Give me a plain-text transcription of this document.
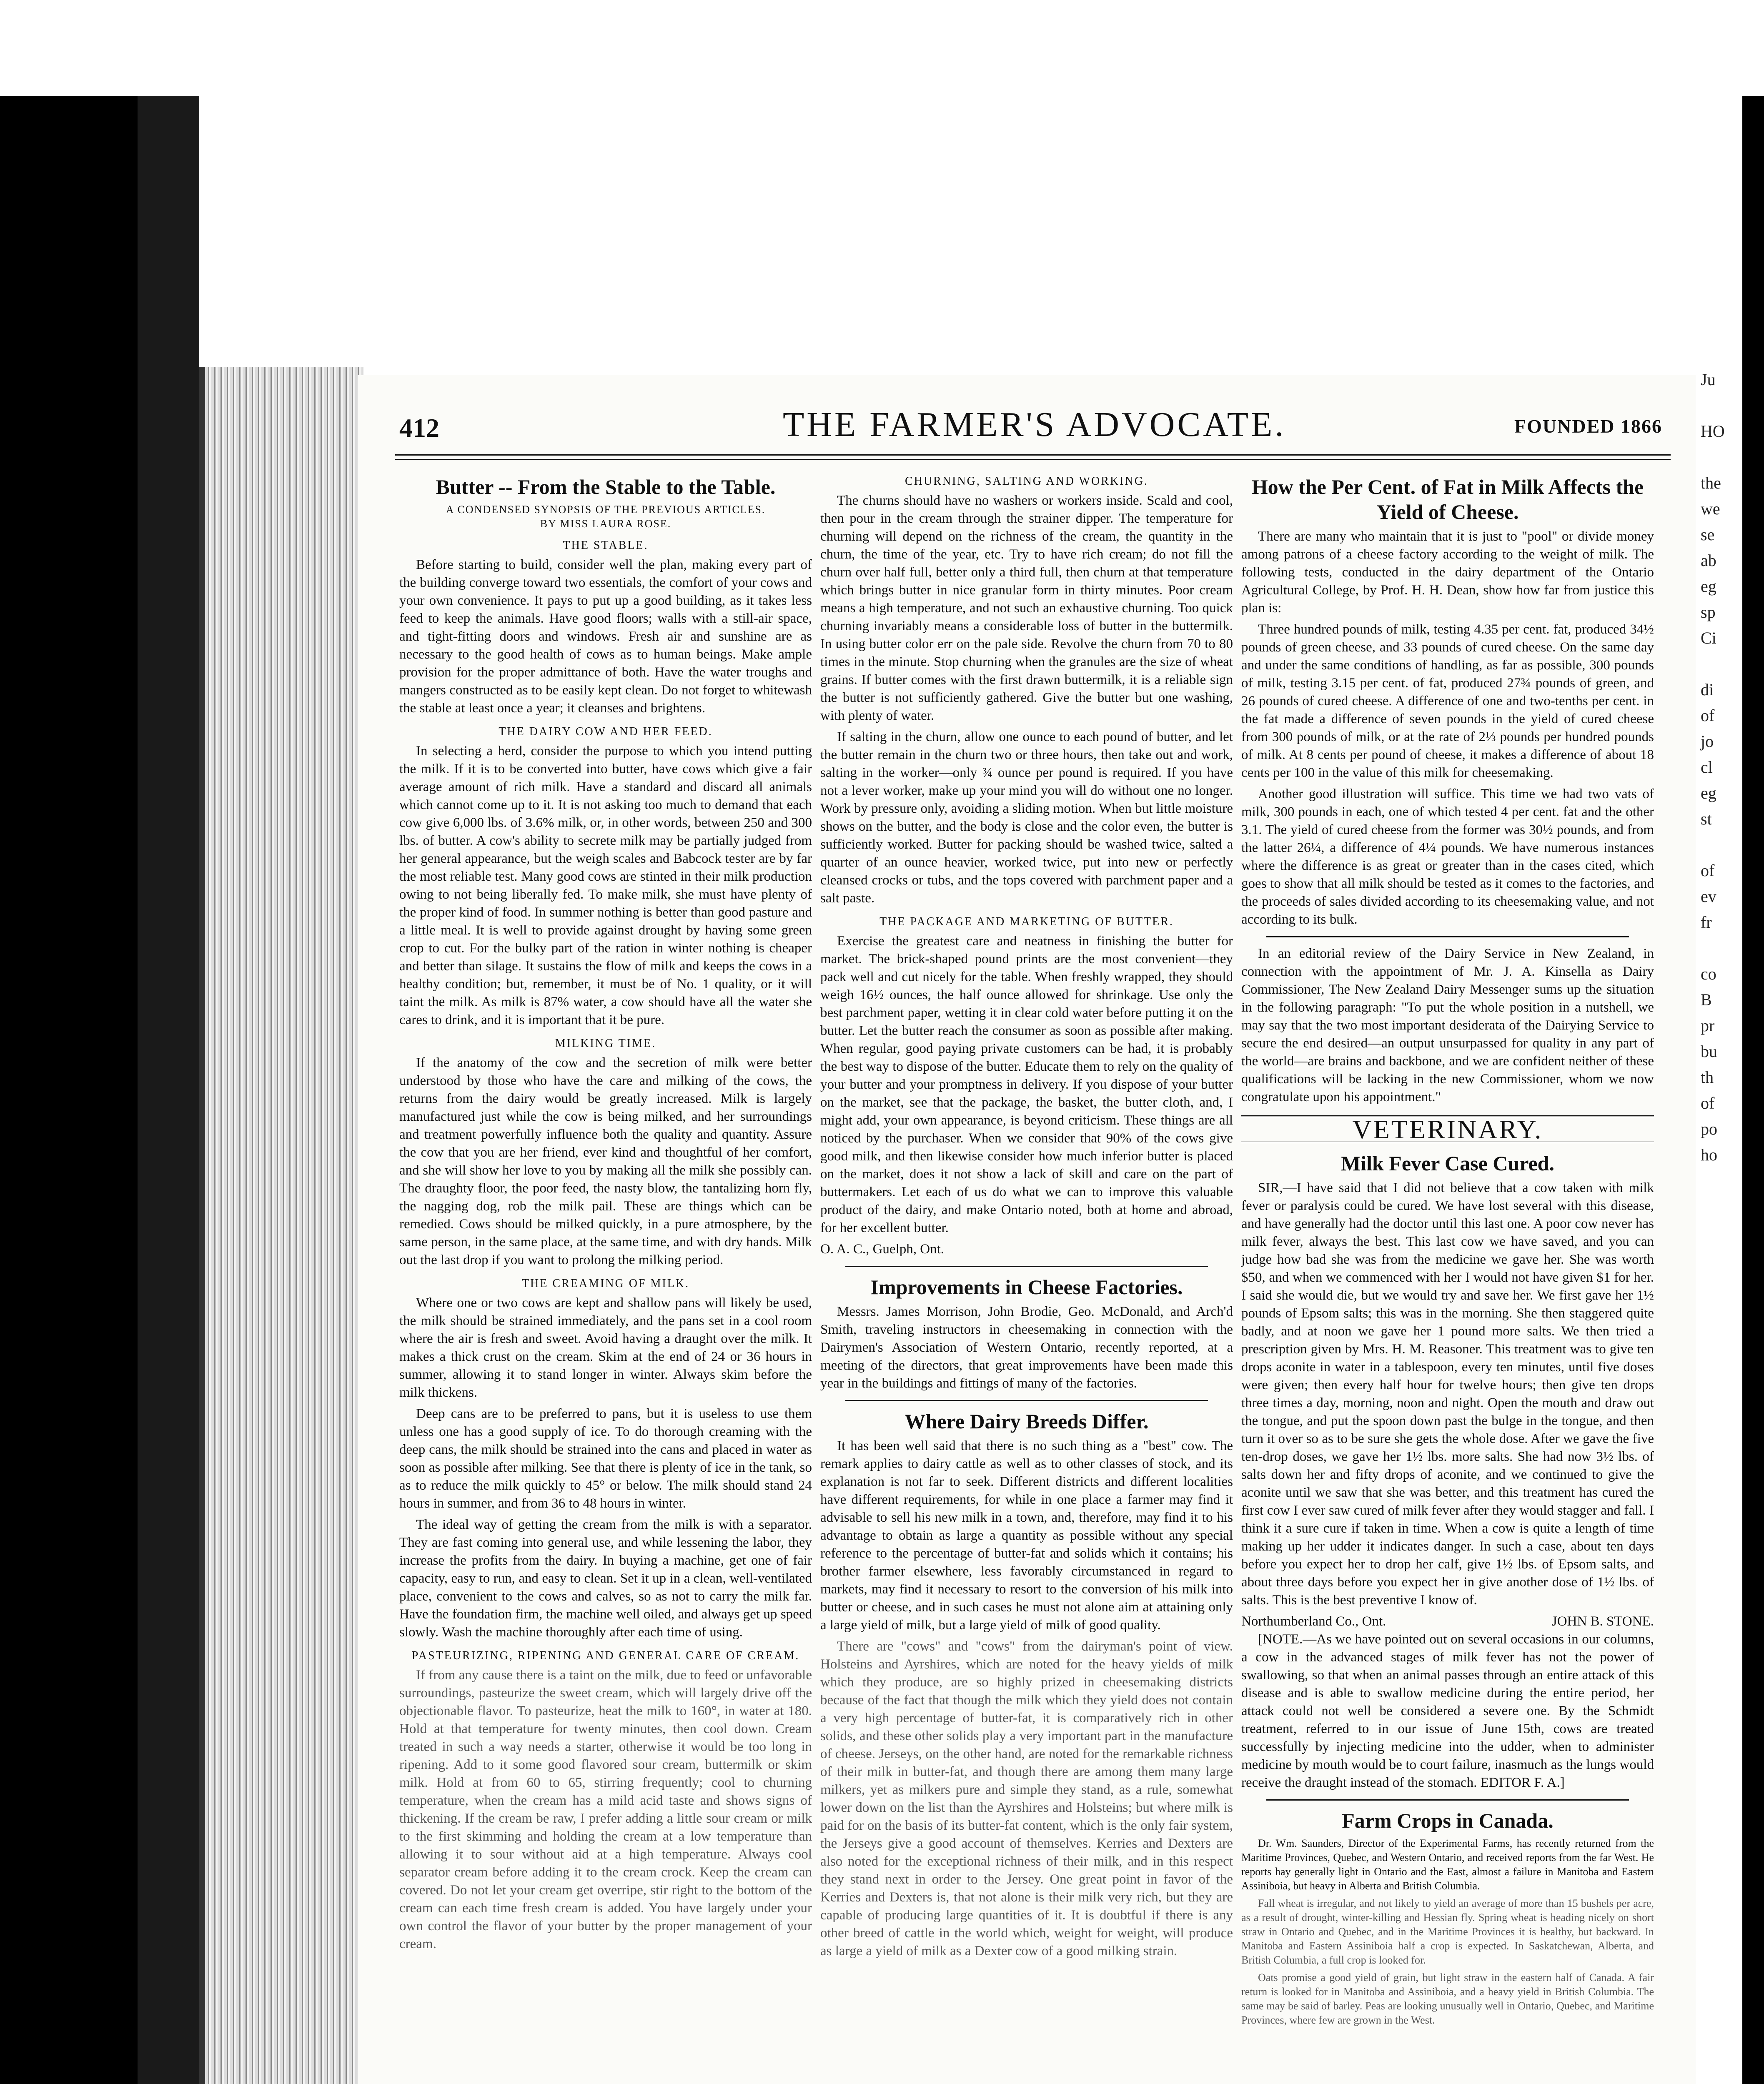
Ju

HO

the
we
se
ab
eg
sp
Ci

di
of
jo
cl
eg
st

of
ev
fr

co
B
pr
bu
th
of
po
ho
412	THE FARMER'S ADVOCATE.	FOUNDED 1866
Butter -- From the Stable to the Table.
A CONDENSED SYNOPSIS OF THE PREVIOUS ARTICLES.
BY MISS LAURA ROSE.
THE STABLE.

Before starting to build, consider well the plan, making every part of the building converge toward two essentials, the comfort of your cows and your own convenience. It pays to put up a good building, as it takes less feed to keep the animals. Have good floors; walls with a still-air space, and tight-fitting doors and windows. Fresh air and sunshine are as necessary to the good health of cows as to human beings. Make ample provision for the proper admittance of both. Have the water troughs and mangers constructed as to be easily kept clean. Do not forget to whitewash the stable at least once a year; it cleanses and brightens.

THE DAIRY COW AND HER FEED.

In selecting a herd, consider the purpose to which you intend putting the milk. If it is to be converted into butter, have cows which give a fair average amount of rich milk. Have a standard and discard all animals which cannot come up to it. It is not asking too much to demand that each cow give 6,000 lbs. of 3.6% milk, or, in other words, between 250 and 300 lbs. of butter. A cow's ability to secrete milk may be partially judged from her general appearance, but the weigh scales and Babcock tester are by far the most reliable test. Many good cows are stinted in their milk production owing to not being liberally fed. To make milk, she must have plenty of the proper kind of food. In summer nothing is better than good pasture and a little meal. It is well to provide against drought by having some green crop to cut. For the bulky part of the ration in winter nothing is cheaper and better than silage. It sustains the flow of milk and keeps the cows in a healthy condition; but, remember, it must be of No. 1 quality, or it will taint the milk. As milk is 87% water, a cow should have all the water she cares to drink, and it is important that it be pure.

MILKING TIME.

If the anatomy of the cow and the secretion of milk were better understood by those who have the care and milking of the cows, the returns from the dairy would be greatly increased. Milk is largely manufactured just while the cow is being milked, and her surroundings and treatment powerfully influence both the quality and quantity. Assure the cow that you are her friend, ever kind and thoughtful of her comfort, and she will show her love to you by making all the milk she possibly can. The draughty floor, the poor feed, the nasty blow, the tantalizing horn fly, the nagging dog, rob the milk pail. These are things which can be remedied. Cows should be milked quickly, in a pure atmosphere, by the same person, in the same place, at the same time, and with dry hands. Milk out the last drop if you want to prolong the milking period.

THE CREAMING OF MILK.

Where one or two cows are kept and shallow pans will likely be used, the milk should be strained immediately, and the pans set in a cool room where the air is fresh and sweet. Avoid having a draught over the milk. It makes a thick crust on the cream. Skim at the end of 24 or 36 hours in summer, allowing it to stand longer in winter. Always skim before the milk thickens.

Deep cans are to be preferred to pans, but it is useless to use them unless one has a good supply of ice. To do thorough creaming with the deep cans, the milk should be strained into the cans and placed in water as soon as possible after milking. See that there is plenty of ice in the tank, so as to reduce the milk quickly to 45° or below. The milk should stand 24 hours in summer, and from 36 to 48 hours in winter.

The ideal way of getting the cream from the milk is with a separator. They are fast coming into general use, and while lessening the labor, they increase the profits from the dairy. In buying a machine, get one of fair capacity, easy to run, and easy to clean. Set it up in a clean, well-ventilated place, convenient to the cows and calves, so as not to carry the milk far. Have the foundation firm, the machine well oiled, and always get up speed slowly. Wash the machine thoroughly after each time of using.

PASTEURIZING, RIPENING AND GENERAL CARE OF CREAM.

If from any cause there is a taint on the milk, due to feed or unfavorable surroundings, pasteurize the sweet cream, which will largely drive off the objectionable flavor. To pasteurize, heat the milk to 160°, in water at 180. Hold at that temperature for twenty minutes, then cool down. Cream treated in such a way needs a starter, otherwise it would be too long in ripening. Add to it some good flavored sour cream, buttermilk or skim milk. Hold at from 60 to 65, stirring frequently; cool to churning temperature, when the cream has a mild acid taste and shows signs of thickening. If the cream be raw, I prefer adding a little sour cream or milk to the first skimming and holding the cream at a low temperature than allowing it to sour without aid at a high temperature. Always cool separator cream before adding it to the cream crock. Keep the cream can covered. Do not let your cream get overripe, stir right to the bottom of the cream can each time fresh cream is added. You have largely under your own control the flavor of your butter by the proper management of your cream.

CHURNING, SALTING AND WORKING.

The churns should have no washers or workers inside. Scald and cool, then pour in the cream through the strainer dipper. The temperature for churning will depend on the richness of the cream, the quantity in the churn, the time of the year, etc. Try to have rich cream; do not fill the churn over half full, better only a third full, then churn at that temperature which brings butter in nice granular form in thirty minutes. Poor cream means a high temperature, and not such an exhaustive churning. Too quick churning invariably means a considerable loss of butter in the buttermilk. In using butter color err on the pale side. Revolve the churn from 70 to 80 times in the minute. Stop churning when the granules are the size of wheat grains. If butter comes with the first drawn buttermilk, it is a reliable sign the butter is not sufficiently gathered. Give the butter but one washing, with plenty of water.

If salting in the churn, allow one ounce to each pound of butter, and let the butter remain in the churn two or three hours, then take out and work, salting in the worker—only ¾ ounce per pound is required. If you have not a lever worker, make up your mind you will do without one no longer. Work by pressure only, avoiding a sliding motion. When but little moisture shows on the butter, and the body is close and the color even, the butter is sufficiently worked. Butter for packing should be washed twice, salted a quarter of an ounce heavier, worked twice, put into new or perfectly cleansed crocks or tubs, and the tops covered with parchment paper and a salt paste.

THE PACKAGE AND MARKETING OF BUTTER.

Exercise the greatest care and neatness in finishing the butter for market. The brick-shaped pound prints are the most convenient—they pack well and cut nicely for the table. When freshly wrapped, they should weigh 16½ ounces, the half ounce allowed for shrinkage. Use only the best parchment paper, wetting it in clear cold water before putting it on the butter. Let the butter reach the consumer as soon as possible after making. When regular, good paying private customers can be had, it is probably the best way to dispose of the butter. Educate them to rely on the quality of your butter and your promptness in delivery. If you dispose of your butter on the market, see that the package, the basket, the butter cloth, and, I might add, your own appearance, is beyond criticism. These things are all noticed by the purchaser. When we consider that 90% of the cows give good milk, and then likewise consider how much inferior butter is placed on the market, does it not show a lack of skill and care on the part of buttermakers. Let each of us do what we can to improve this valuable product of the dairy, and make Ontario noted, both at home and abroad, for her excellent butter.

O. A. C., Guelph, Ont.

Improvements in Cheese Factories.

Messrs. James Morrison, John Brodie, Geo. McDonald, and Arch'd Smith, traveling instructors in cheesemaking in connection with the Dairymen's Association of Western Ontario, recently reported, at a meeting of the directors, that great improvements have been made this year in the buildings and fittings of many of the factories.

Where Dairy Breeds Differ.

It has been well said that there is no such thing as a "best" cow. The remark applies to dairy cattle as well as to other classes of stock, and its explanation is not far to seek. Different districts and different localities have different requirements, for while in one place a farmer may find it advisable to sell his new milk in a town, and, therefore, may find it to his advantage to obtain as large a quantity as possible without any special reference to the percentage of butter-fat and solids which it contains; his brother farmer elsewhere, less favorably circumstanced in regard to markets, may find it necessary to resort to the conversion of his milk into butter or cheese, and in such cases he must not alone aim at attaining only a large yield of milk, but a large yield of milk of good quality.

There are "cows" and "cows" from the dairyman's point of view. Holsteins and Ayrshires, which are noted for the heavy yields of milk which they produce, are so highly prized in cheesemaking districts because of the fact that though the milk which they yield does not contain a very high percentage of butter-fat, it is comparatively rich in other solids, and these other solids play a very important part in the manufacture of cheese. Jerseys, on the other hand, are noted for the remarkable richness of their milk in butter-fat, and though there are among them many large milkers, yet as milkers pure and simple they stand, as a rule, somewhat lower down on the list than the Ayrshires and Holsteins; but where milk is paid for on the basis of its butter-fat content, which is the only fair system, the Jerseys give a good account of themselves. Kerries and Dexters are also noted for the exceptional richness of their milk, and in this respect they stand next in order to the Jersey. One great point in favor of the Kerries and Dexters is, that not alone is their milk very rich, but they are capable of producing large quantities of it. It is doubtful if there is any other breed of cattle in the world which, weight for weight, will produce as large a yield of milk as a Dexter cow of a good milking strain.

How the Per Cent. of Fat in Milk Affects the Yield of Cheese.

There are many who maintain that it is just to "pool" or divide money among patrons of a cheese factory according to the weight of milk. The following tests, conducted in the dairy department of the Ontario Agricultural College, by Prof. H. H. Dean, show how far from justice this plan is:

Three hundred pounds of milk, testing 4.35 per cent. fat, produced 34½ pounds of green cheese, and 33 pounds of cured cheese. On the same day and under the same conditions of handling, as far as possible, 300 pounds of milk, testing 3.15 per cent. of fat, produced 27¾ pounds of green, and 26 pounds of cured cheese. A difference of one and two-tenths per cent. in the fat made a difference of seven pounds in the yield of cured cheese from 300 pounds of milk, or at the rate of 2⅓ pounds per hundred pounds of milk. At 8 cents per pound of cheese, it makes a difference of about 18 cents per 100 in the value of this milk for cheesemaking.

Another good illustration will suffice. This time we had two vats of milk, 300 pounds in each, one of which tested 4 per cent. fat and the other 3.1. The yield of cured cheese from the former was 30½ pounds, and from the latter 26¼, a difference of 4¼ pounds. We have numerous instances where the difference is as great or greater than in the cases cited, which goes to show that all milk should be tested as it comes to the factories, and the proceeds of sales divided according to its cheesemaking value, and not according to its bulk.

In an editorial review of the Dairy Service in New Zealand, in connection with the appointment of Mr. J. A. Kinsella as Dairy Commissioner, The New Zealand Dairy Messenger sums up the situation in the following paragraph: "To put the whole position in a nutshell, we may say that the two most important desiderata of the Dairying Service to secure the end desired—an output unsurpassed for quality in any part of the world—are brains and backbone, and we are confident neither of these qualifications will be lacking in the new Commissioner, whom we now congratulate upon his appointment."

VETERINARY.
Milk Fever Case Cured.

SIR,—I have said that I did not believe that a cow taken with milk fever or paralysis could be cured. We have lost several with this disease, and have generally had the doctor until this last one. A poor cow never has milk fever, always the best. This last cow we have saved, and you can judge how bad she was from the medicine we gave her. She was worth $50, and when we commenced with her I would not have given $1 for her. I said she would die, but we would try and save her. We first gave her 1½ pounds of Epsom salts; this was in the morning. She then staggered quite badly, and at noon we gave her 1 pound more salts. We then tried a prescription given by Mrs. H. M. Reasoner. This treatment was to give ten drops aconite in water in a tablespoon, every ten minutes, until five doses were given; then every half hour for twelve hours; then give ten drops three times a day, morning, noon and night. Open the mouth and draw out the tongue, and put the spoon down past the bulge in the tongue, and then turn it over so as to be sure she gets the whole dose. After we gave the five ten-drop doses, we gave her 1½ lbs. more salts. She had now 3½ lbs. of salts down her and fifty drops of aconite, and we continued to give the aconite until we saw that she was better, and this treatment has cured the first cow I ever saw cured of milk fever after they would stagger and fall. I think it a sure cure if taken in time. When a cow is quite a length of time making up her udder it indicates danger. In such a case, about ten days before you expect her to drop her calf, give 1½ lbs. of Epsom salts, and about three days before you expect her in give another dose of 1½ lbs. of salts. This is the best preventive I know of.

Northumberland Co., Ont.	JOHN B. STONE.

[NOTE.—As we have pointed out on several occasions in our columns, a cow in the advanced stages of milk fever has not the power of swallowing, so that when an animal passes through an entire attack of this disease and is able to swallow medicine during the entire period, her attack could not well be considered a severe one. By the Schmidt treatment, referred to in our issue of June 15th, cows are treated successfully by injecting medicine into the udder, when to administer medicine by mouth would be to court failure, inasmuch as the lungs would receive the draught instead of the stomach. EDITOR F. A.]

Farm Crops in Canada.

Dr. Wm. Saunders, Director of the Experimental Farms, has recently returned from the Maritime Provinces, Quebec, and Western Ontario, and received reports from the far West. He reports hay generally light in Ontario and the East, almost a failure in Manitoba and Eastern Assiniboia, but heavy in Alberta and British Columbia.

Fall wheat is irregular, and not likely to yield an average of more than 15 bushels per acre, as a result of drought, winter-killing and Hessian fly. Spring wheat is heading nicely on short straw in Ontario and Quebec, and in the Maritime Provinces it is healthy, but backward. In Manitoba and Eastern Assiniboia half a crop is expected. In Saskatchewan, Alberta, and British Columbia, a full crop is looked for.

Oats promise a good yield of grain, but light straw in the eastern half of Canada. A fair return is looked for in Manitoba and Assiniboia, and a heavy yield in British Columbia. The same may be said of barley. Peas are looking unusually well in Ontario, Quebec, and Maritime Provinces, where few are grown in the West.
